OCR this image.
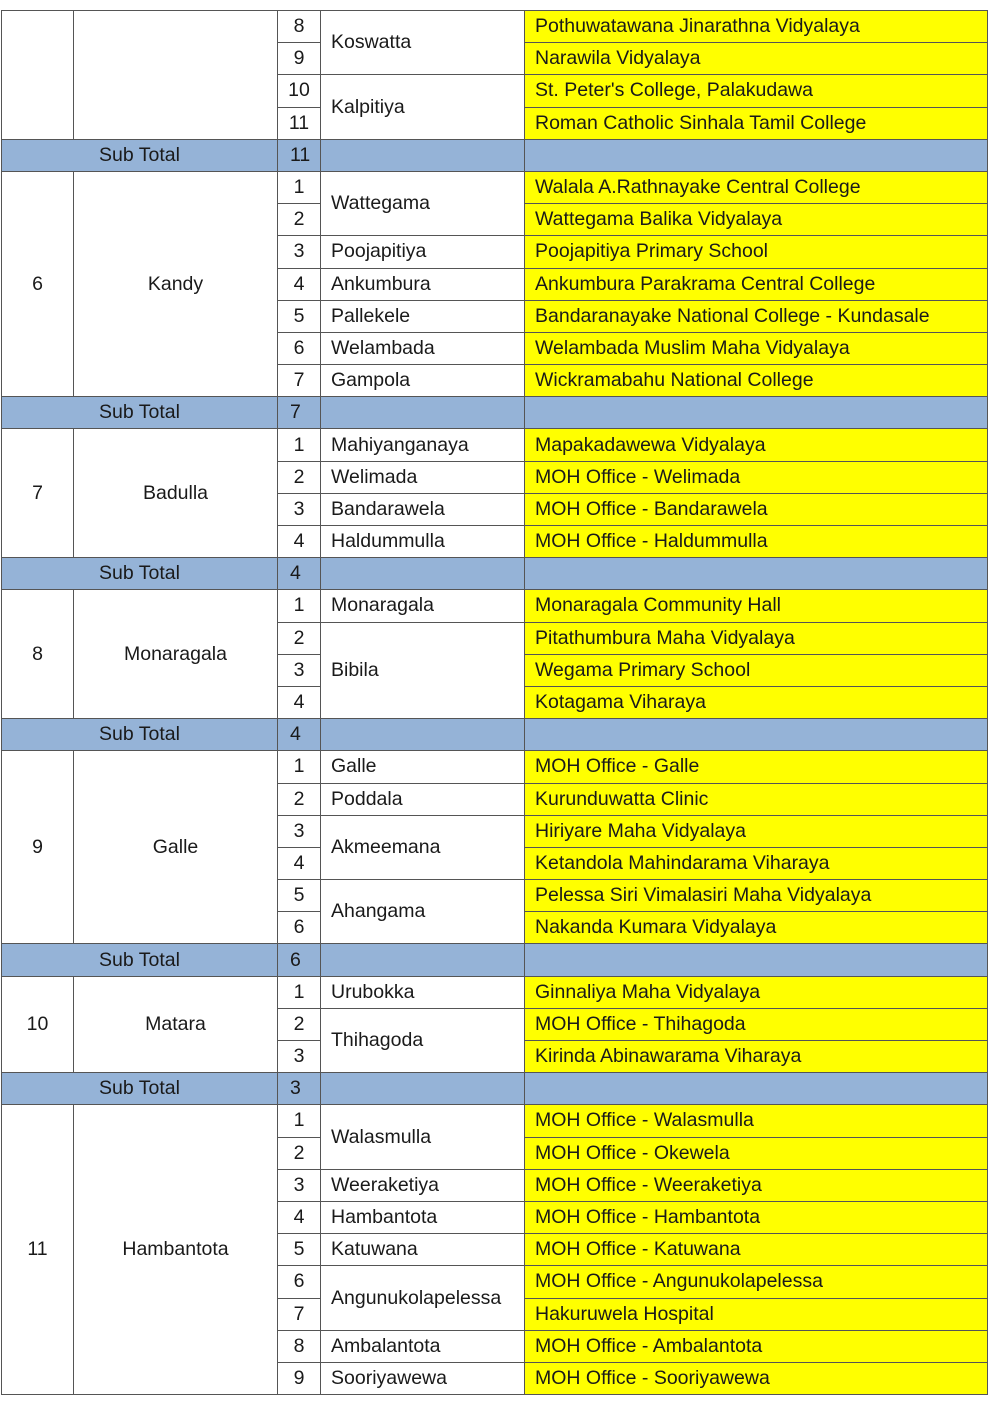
		8	Koswatta	Pothuwatawana Jinarathna Vidyalaya
		9		Narawila Vidyalaya
		10	Kalpitiya	St. Peter's College, Palakudawa
		11		Roman Catholic Sinhala Tamil College
Sub Total		11		
6	Kandy	1	Wattegama	Walala A.Rathnayake Central College
		2		Wattegama Balika Vidyalaya
		3	Poojapitiya	Poojapitiya Primary School
		4	Ankumbura	Ankumbura Parakrama Central College
		5	Pallekele	Bandaranayake National College - Kundasale
		6	Welambada	Welambada Muslim Maha Vidyalaya
		7	Gampola	Wickramabahu National College
Sub Total		7		
7	Badulla	1	Mahiyanganaya	Mapakadawewa Vidyalaya
		2	Welimada	MOH Office - Welimada
		3	Bandarawela	MOH Office - Bandarawela
		4	Haldummulla	MOH Office - Haldummulla
Sub Total		4		
8	Monaragala	1	Monaragala	Monaragala Community Hall
		2	Bibila	Pitathumbura Maha Vidyalaya
		3		Wegama Primary School
		4		Kotagama Viharaya
Sub Total		4		
9	Galle	1	Galle	MOH Office - Galle
		2	Poddala	Kurunduwatta Clinic
		3	Akmeemana	Hiriyare Maha Vidyalaya
		4		Ketandola Mahindarama Viharaya
		5	Ahangama	Pelessa Siri Vimalasiri Maha Vidyalaya
		6		Nakanda Kumara Vidyalaya
Sub Total		6		
10	Matara	1	Urubokka	Ginnaliya Maha Vidyalaya
		2	Thihagoda	MOH Office - Thihagoda
		3		Kirinda Abinawarama Viharaya
Sub Total		3		
11	Hambantota	1	Walasmulla	MOH Office - Walasmulla
		2		MOH Office - Okewela
		3	Weeraketiya	MOH Office - Weeraketiya
		4	Hambantota	MOH Office - Hambantota
		5	Katuwana	MOH Office - Katuwana
		6	Angunukolapelessa	MOH Office - Angunukolapelessa
		7		Hakuruwela Hospital
		8	Ambalantota	MOH Office - Ambalantota
		9	Sooriyawewa	MOH Office - Sooriyawewa
